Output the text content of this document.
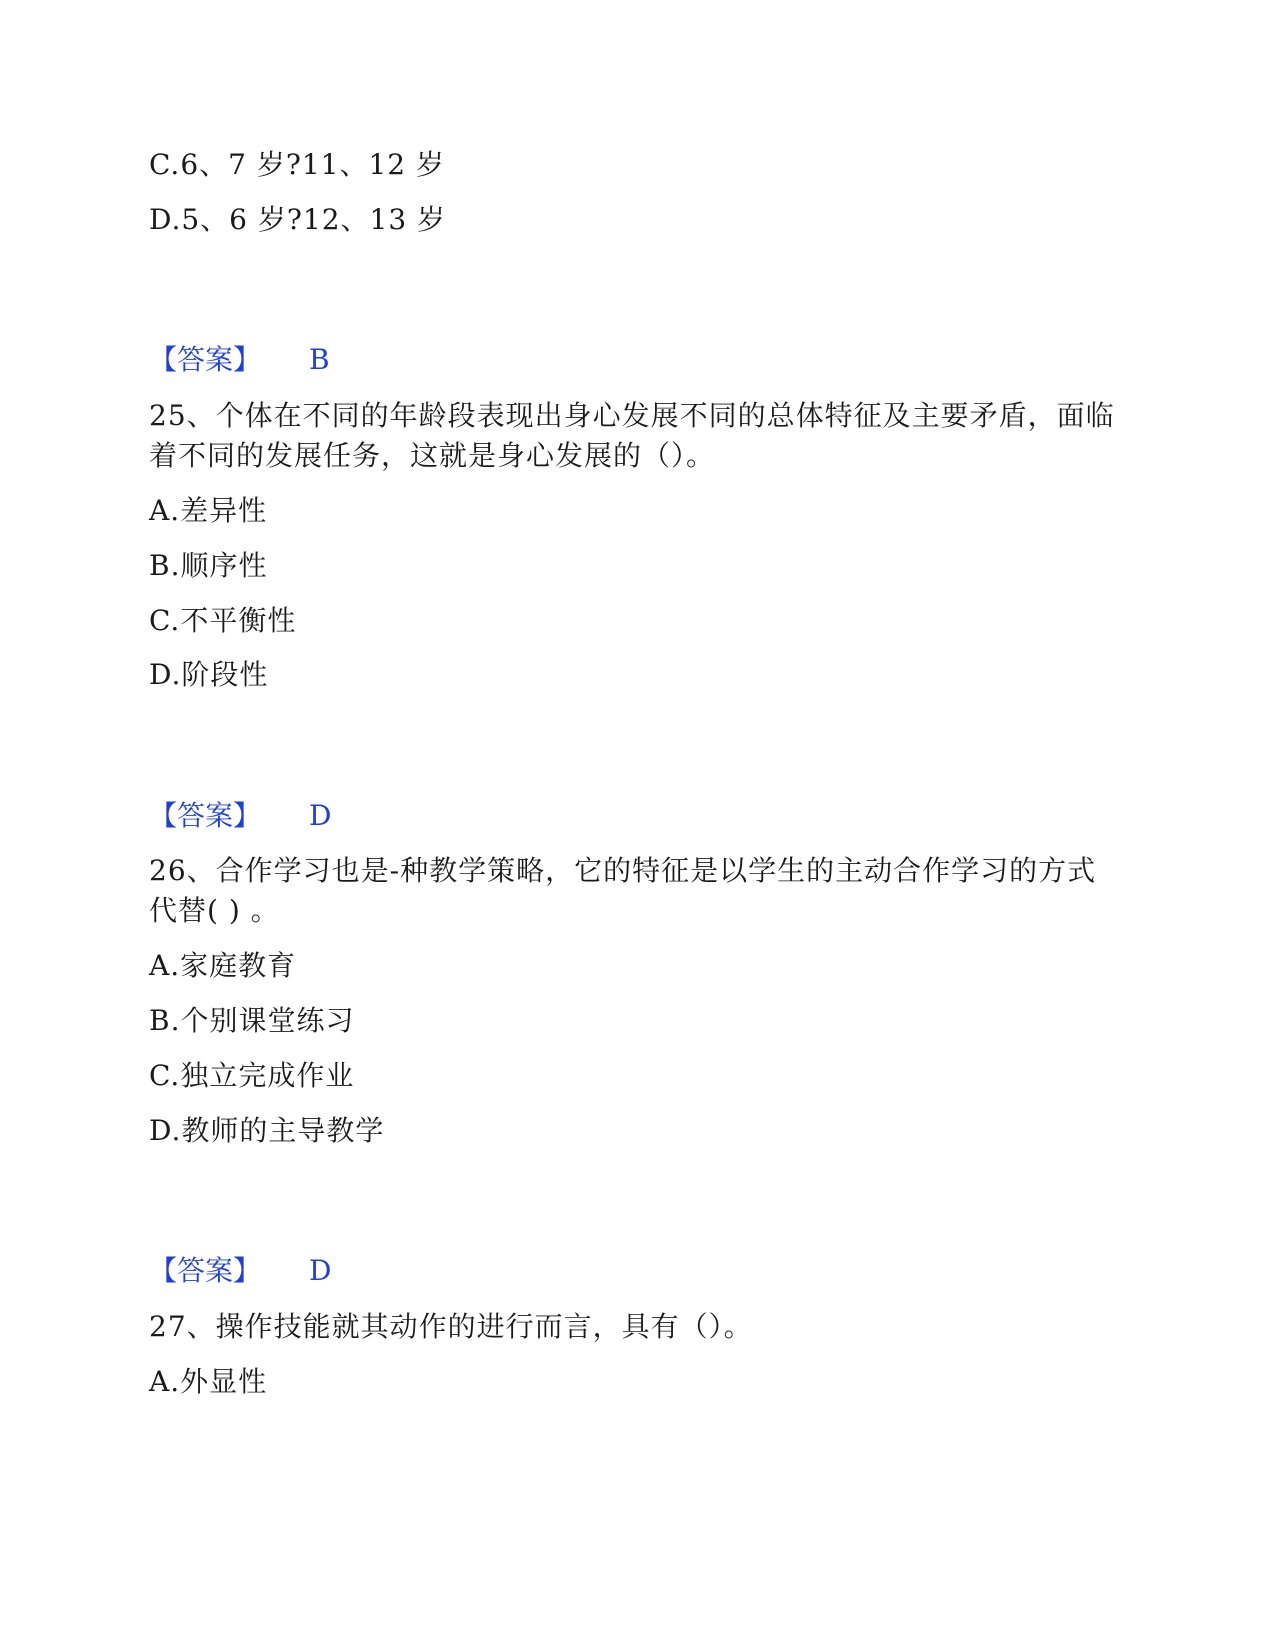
C.6、7 岁?11、12 岁
D.5、6 岁?12、13 岁
【答案】 B
25、个体在不同的年龄段表现出身心发展不同的总体特征及主要矛盾，面临
着不同的发展任务，这就是身心发展的（）。
A.差异性
B.顺序性
C.不平衡性
D.阶段性
【答案】 D
26、合作学习也是-种教学策略，它的特征是以学生的主动合作学习的方式
代替( ) 。
A.家庭教育
B.个别课堂练习
C.独立完成作业
D.教师的主导教学
【答案】 D
27、操作技能就其动作的进行而言，具有（）。
A.外显性
